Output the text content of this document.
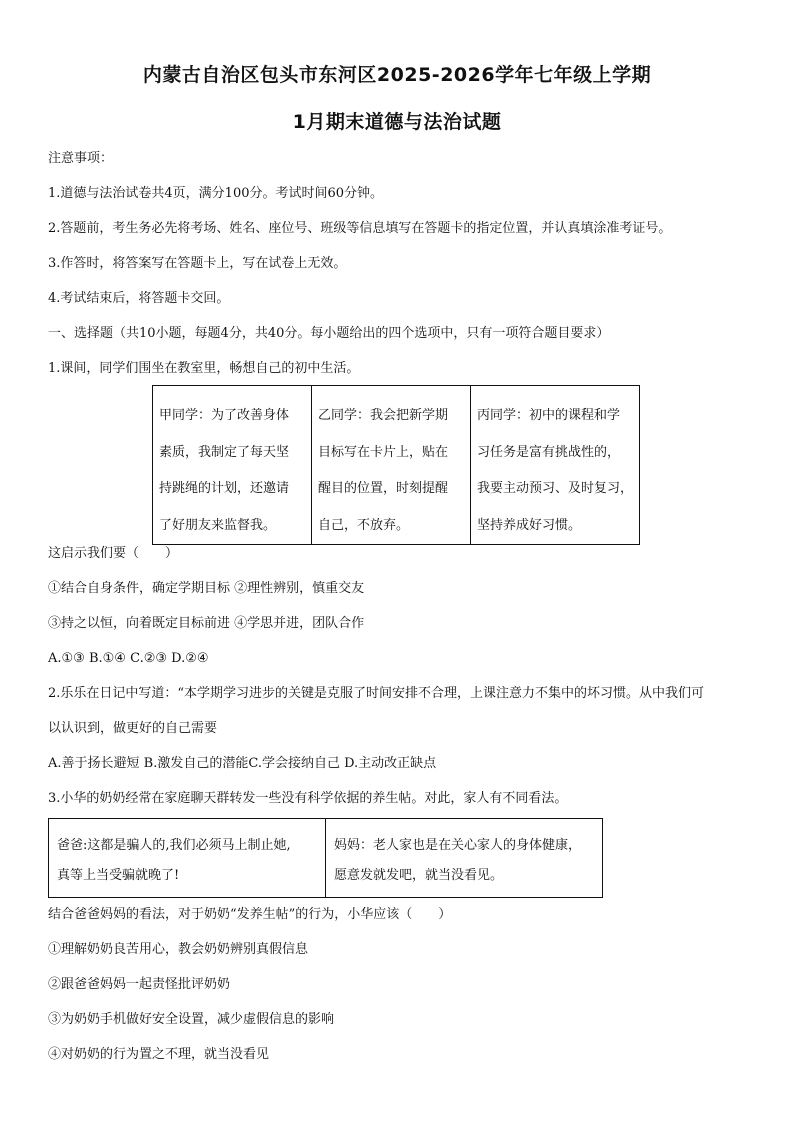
内蒙古自治区包头市东河区2025-2026学年七年级上学期
1月期末道德与法治试题
注意事项：
1.道德与法治试卷共4页，满分100分。考试时间60分钟。
2.答题前，考生务必先将考场、姓名、座位号、班级等信息填写在答题卡的指定位置，并认真填涂准考证号。
3.作答时，将答案写在答题卡上，写在试卷上无效。
4.考试结束后，将答题卡交回。
一、选择题（共10小题，每题4分，共40分。每小题给出的四个选项中，只有一项符合题目要求）
1.课间，同学们围坐在教室里，畅想自己的初中生活。
甲同学：为了改善身体
素质，我制定了每天坚
持跳绳的计划，还邀请
了好朋友来监督我。

乙同学：我会把新学期
目标写在卡片上，贴在
醒目的位置，时刻提醒
自己，不放弃。

丙同学：初中的课程和学
习任务是富有挑战性的，
我要主动预习、及时复习，
坚持养成好习惯。
这启示我们要（　　）
①结合自身条件，确定学期目标 ②理性辨别，慎重交友
③持之以恒，向着既定目标前进 ④学思并进，团队合作
A.①③ B.①④ C.②③ D.②④
2.乐乐在日记中写道：“本学期学习进步的关键是克服了时间安排不合理，上课注意力不集中的坏习惯。从中我们可
以认识到，做更好的自己需要
A.善于扬长避短 B.激发自己的潜能C.学会接纳自己 D.主动改正缺点
3.小华的奶奶经常在家庭聊天群转发一些没有科学依据的养生帖。对此，家人有不同看法。
爸爸:这都是骗人的,我们必须马上制止她,
真等上当受骗就晚了!

妈妈：老人家也是在关心家人的身体健康，
愿意发就发吧，就当没看见。
结合爸爸妈妈的看法，对于奶奶“发养生帖”的行为，小华应该（　　）
①理解奶奶良苦用心，教会奶奶辨别真假信息
②跟爸爸妈妈一起责怪批评奶奶
③为奶奶手机做好安全设置，减少虚假信息的影响
④对奶奶的行为置之不理，就当没看见
